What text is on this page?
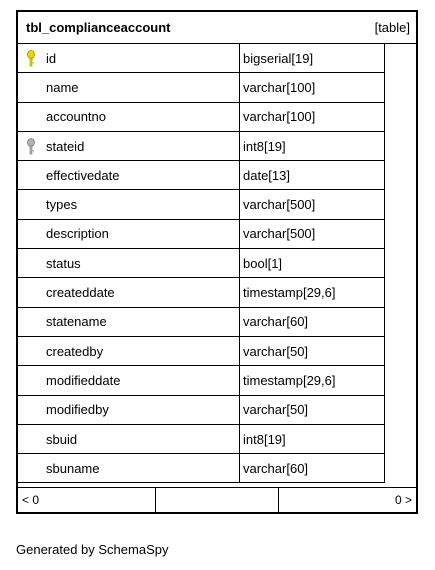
tbl_complianceaccount	[table]
id	bigserial[19]
name	varchar[100]
accountno	varchar[100]
stateid	int8[19]
effectivedate	date[13]
types	varchar[500]
description	varchar[500]
status	bool[1]
createddate	timestamp[29,6]
statename	varchar[60]
createdby	varchar[50]
modifieddate	timestamp[29,6]
modifiedby	varchar[50]
sbuid	int8[19]
sbuname	varchar[60]
< 0	0 >
Generated by SchemaSpy
